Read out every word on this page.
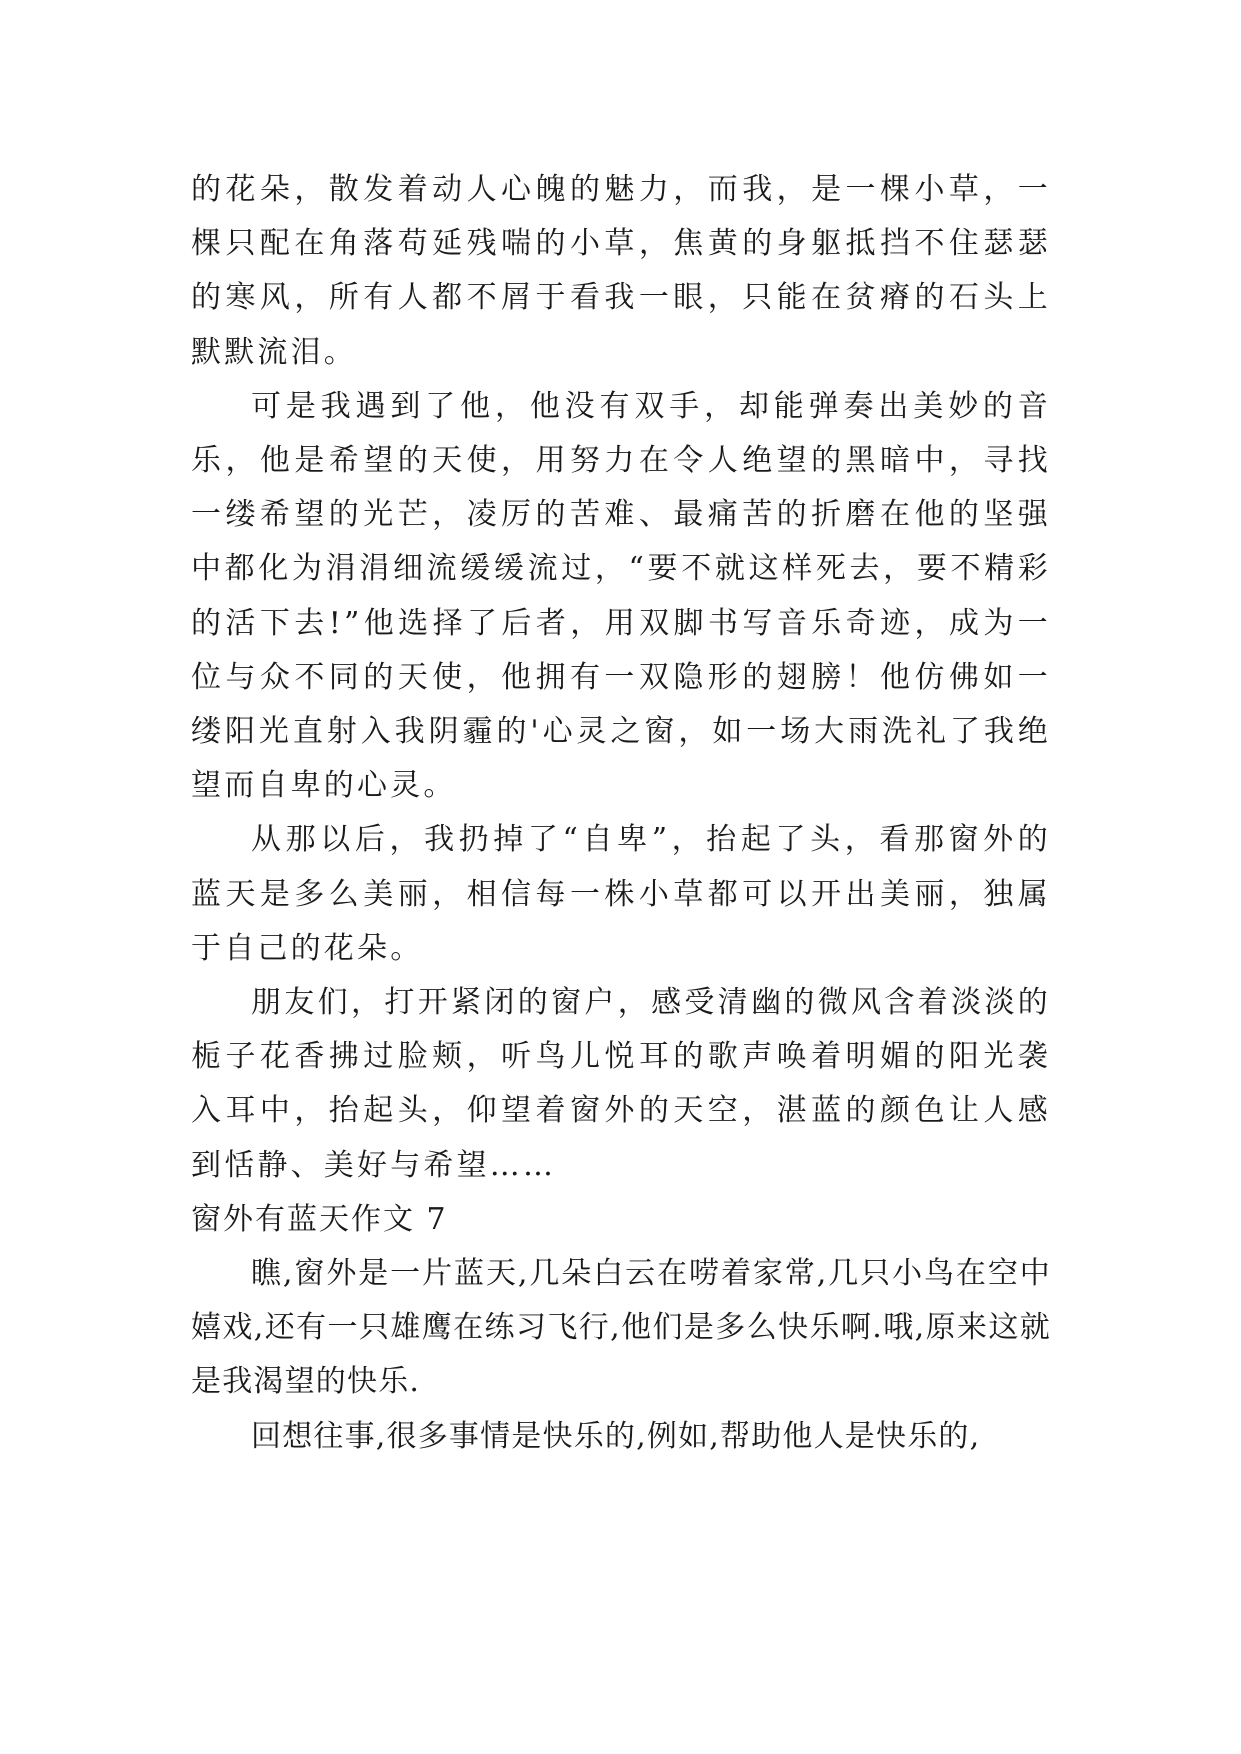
的花朵，散发着动人心魄的魅力，而我，是一棵小草，一棵只配在角落苟延残喘的小草，焦黄的身躯抵挡不住瑟瑟的寒风，所有人都不屑于看我一眼，只能在贫瘠的石头上默默流泪。

可是我遇到了他，他没有双手，却能弹奏出美妙的音乐，他是希望的天使，用努力在令人绝望的黑暗中，寻找一缕希望的光芒，凌厉的苦难、最痛苦的折磨在他的坚强中都化为涓涓细流缓缓流过，“要不就这样死去，要不精彩的活下去!”他选择了后者，用双脚书写音乐奇迹，成为一位与众不同的天使，他拥有一双隐形的翅膀！他仿佛如一缕阳光直射入我阴霾的'心灵之窗，如一场大雨洗礼了我绝望而自卑的心灵。

从那以后，我扔掉了“自卑”，抬起了头，看那窗外的蓝天是多么美丽，相信每一株小草都可以开出美丽，独属于自己的花朵。

朋友们，打开紧闭的窗户，感受清幽的微风含着淡淡的栀子花香拂过脸颊，听鸟儿悦耳的歌声唤着明媚的阳光袭入耳中，抬起头，仰望着窗外的天空，湛蓝的颜色让人感到恬静、美好与希望……

窗外有蓝天作文 7

瞧,窗外是一片蓝天,几朵白云在唠着家常,几只小鸟在空中嬉戏,还有一只雄鹰在练习飞行,他们是多么快乐啊.哦,原来这就是我渴望的快乐.

回想往事,很多事情是快乐的,例如,帮助他人是快乐的,
